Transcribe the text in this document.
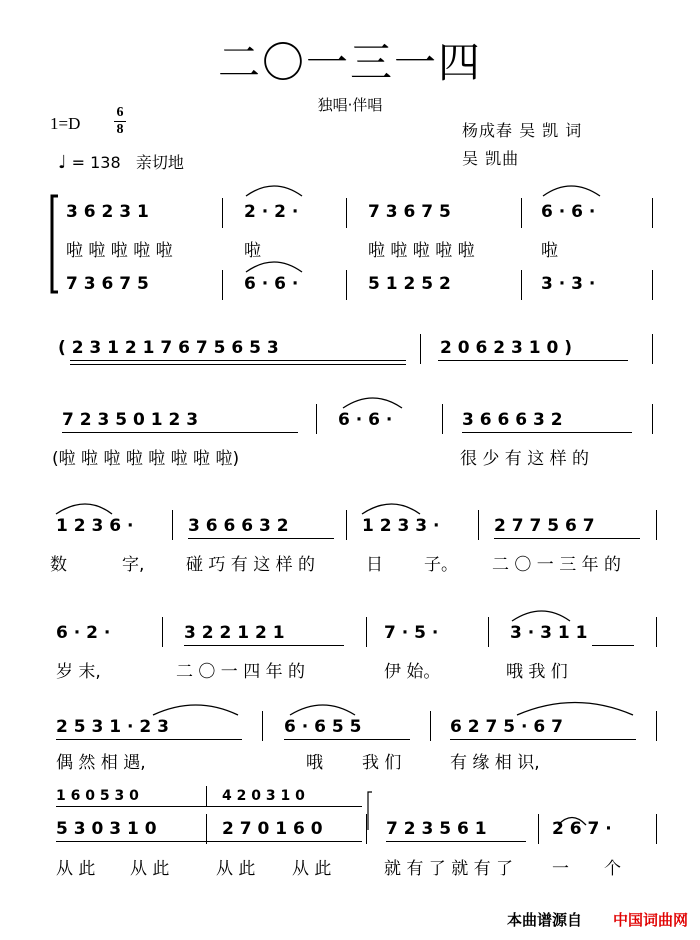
二〇一三一四
独唱·伴唱
1=D
6
8
♩ = 138 亲切地
杨成春 吴 凯 词
吴 凯曲
3 6 2 3 1	2 · 2 ·	7 3 6 7 5	6 · 6 ·
啦 啦 啦 啦 啦	啦	啦 啦 啦 啦 啦	啦
7 3 6 7 5	6 · 6 ·	5 1 2 5 2	3 · 3 ·
( 2 3 1 2 1 7 6 7 5 6 5 3	2 0 6 2 3 1 0 )
7 2 3 5 0 1 2 3	6 · 6 ·	3 6 6 6 3 2
(啦 啦 啦 啦 啦 啦 啦 啦)	很 少 有 这 样 的
1 2 3 6 ·	3 6 6 6 3 2	1 2 3 3 ·	2 7 7 5 6 7
数	字, 碰 巧 有 这 样 的	日 子。 二 〇 一 三 年 的
6 · 2 ·	3 2 2 1 2 1	7 · 5 ·	3 · 3 1 1
岁 末,	二 〇 一 四 年 的	伊 始。	哦 我 们
2 5 3 1 · 2 3	6 · 6 5 5	6 2 7 5 · 6 7
偶 然 相 遇,	哦 我 们	有 缘 相 识,
1 6 0 5 3 0	4 2 0 3 1 0
5 3 0 3 1 0	2 7 0 1 6 0	7 2 3 5 6 1	2 6 7 ·
从 此 从 此	从 此 从 此	就 有 了 就 有 了 一 个
本曲谱源自 中国词曲网
